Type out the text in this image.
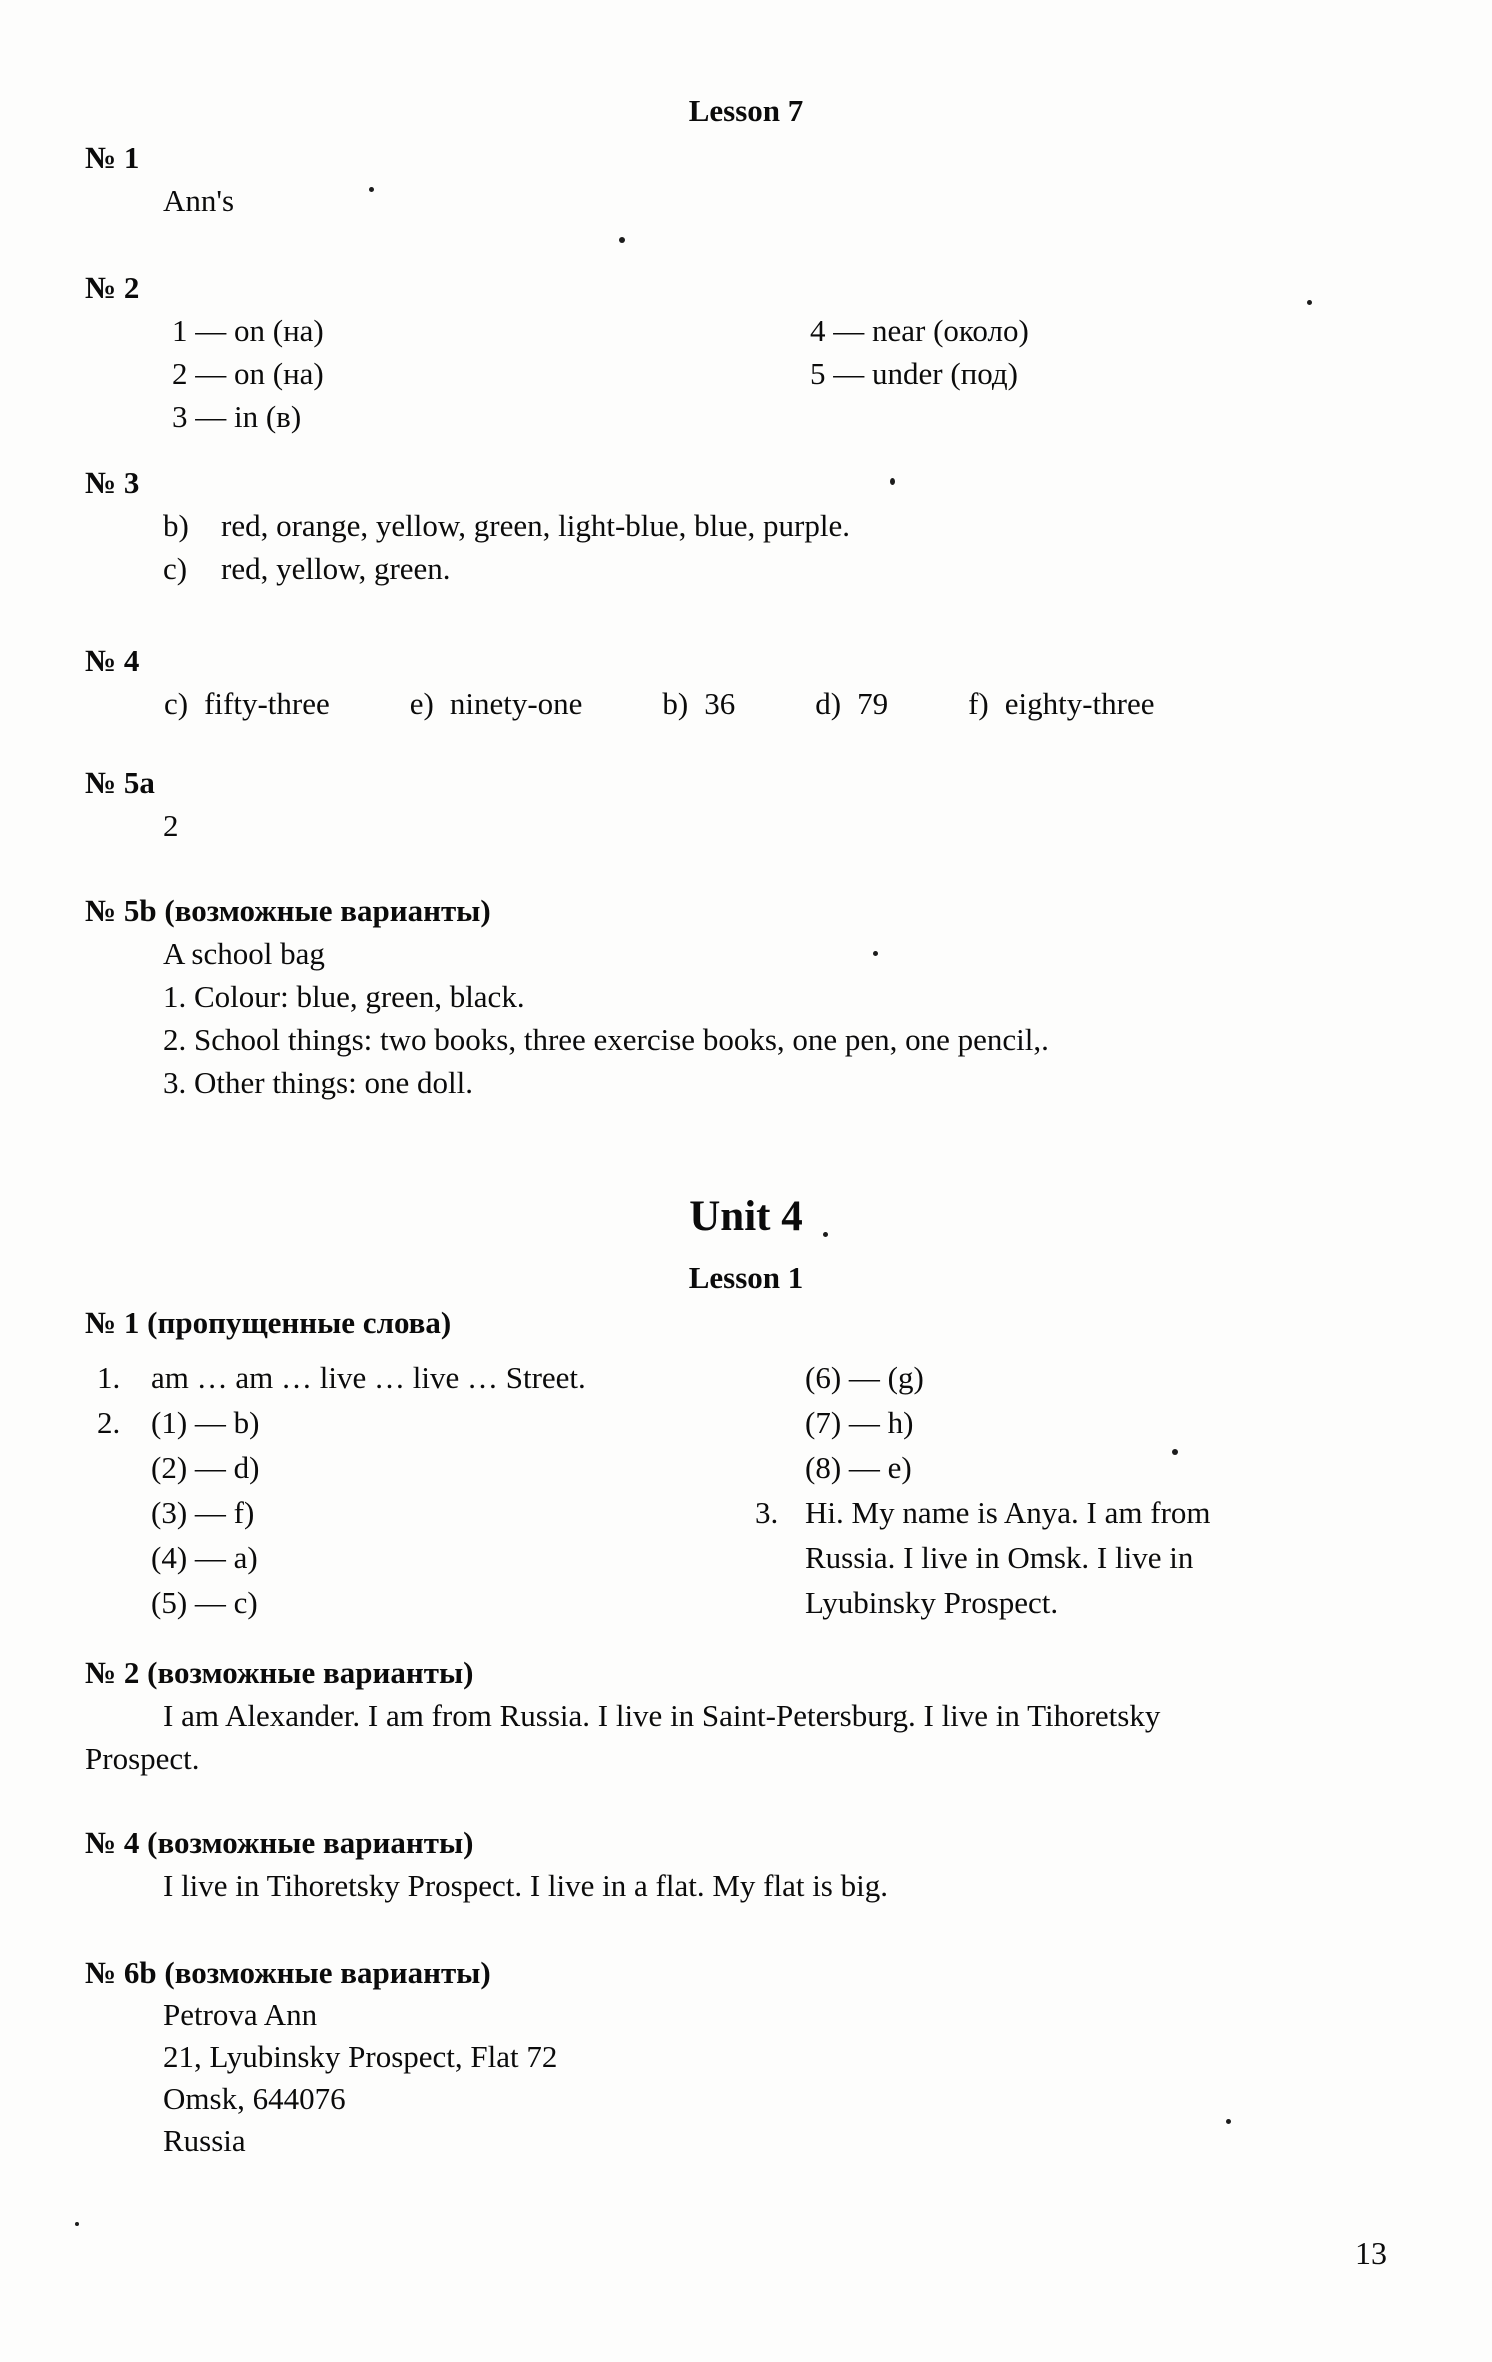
Lesson 7
№ 1
Ann's
№ 2
1 — on (на)
2 — on (на)
3 — in (в)
4 — near (около)
5 — under (под)
№ 3
b)	red, orange, yellow, green, light-blue, blue, purple.
c)	red, yellow, green.
№ 4
c) fifty-three	e) ninety-one	b) 36	d) 79	f) eighty-three
№ 5a
2
№ 5b (возможные варианты)
A school bag
1. Colour: blue, green, black.
2. School things: two books, three exercise books, one pen, one pencil,.
3. Other things: one doll.
Unit 4
Lesson 1
№ 1 (пропущенные слова)
1. am … am … live … live … Street.
2. (1) — b)
(2) — d)
(3) — f)
(4) — a)
(5) — c)
(6) — (g)
(7) — h)
(8) — e)
3. Hi. My name is Anya. I am from
Russia. I live in Omsk. I live in
Lyubinsky Prospect.
№ 2 (возможные варианты)
I am Alexander. I am from Russia. I live in Saint-Petersburg. I live in Tihoretsky
Prospect.
№ 4 (возможные варианты)
I live in Tihoretsky Prospect. I live in a flat. My flat is big.
№ 6b (возможные варианты)
Petrova Ann
21, Lyubinsky Prospect, Flat 72
Omsk, 644076
Russia
13
